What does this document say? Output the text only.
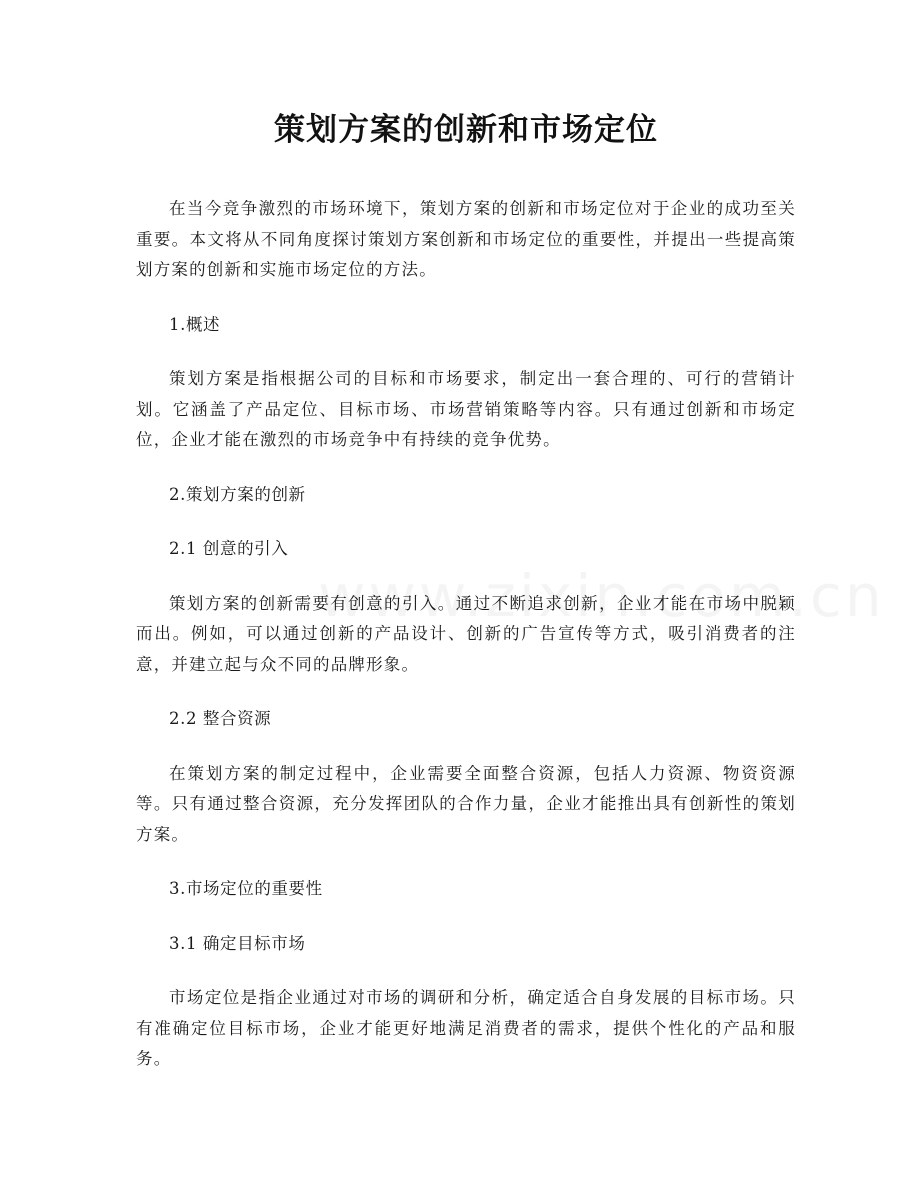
策划方案的创新和市场定位

在当今竞争激烈的市场环境下，策划方案的创新和市场定位对于企业的成功至关重要。本文将从不同角度探讨策划方案创新和市场定位的重要性，并提出一些提高策划方案的创新和实施市场定位的方法。

1.概述

策划方案是指根据公司的目标和市场要求，制定出一套合理的、可行的营销计划。它涵盖了产品定位、目标市场、市场营销策略等内容。只有通过创新和市场定位，企业才能在激烈的市场竞争中有持续的竞争优势。

2.策划方案的创新

2.1 创意的引入

策划方案的创新需要有创意的引入。通过不断追求创新，企业才能在市场中脱颖而出。例如，可以通过创新的产品设计、创新的广告宣传等方式，吸引消费者的注意，并建立起与众不同的品牌形象。

2.2 整合资源

在策划方案的制定过程中，企业需要全面整合资源，包括人力资源、物资资源等。只有通过整合资源，充分发挥团队的合作力量，企业才能推出具有创新性的策划方案。

3.市场定位的重要性

3.1 确定目标市场

市场定位是指企业通过对市场的调研和分析，确定适合自身发展的目标市场。只有准确定位目标市场，企业才能更好地满足消费者的需求，提供个性化的产品和服务。
